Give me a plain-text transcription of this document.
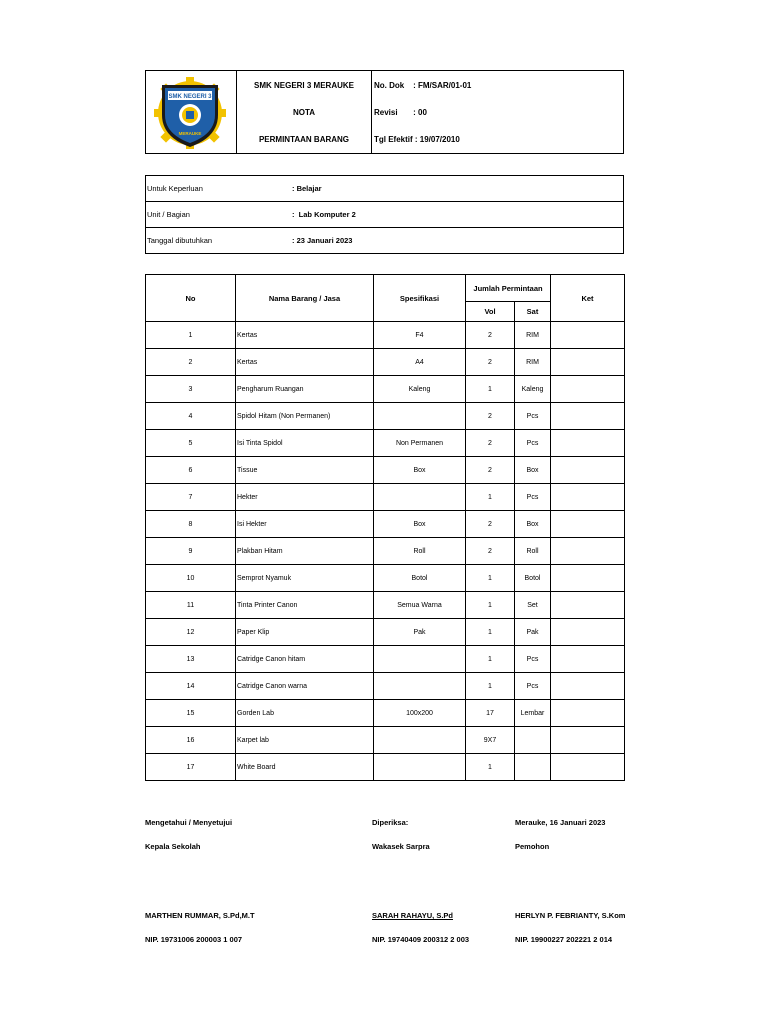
SMK NEGERI 3
MERAUKE

SMK NEGERI 3 MERAUKE
NOTA
PERMINTAAN BARANG

No. Dok    : FM/SAR/01-01
Revisi       : 00
Tgl Efektif : 19/07/2010
Untuk Keperluan	: Belajar
Unit / Bagian	:  Lab Komputer 2
Tanggal dibutuhkan	: 23 Januari 2023
No	Nama Barang / Jasa	Spesifikasi	Jumlah Permintaan		Ket
			Vol	Sat	
1	Kertas	F4	2	RIM	
2	Kertas	A4	2	RIM	
3	Pengharum Ruangan	Kaleng	1	Kaleng	
4	Spidol Hitam (Non Permanen)		2	Pcs	
5	Isi Tinta Spidol	Non Permanen	2	Pcs	
6	Tissue	Box	2	Box	
7	Hekter		1	Pcs	
8	Isi Hekter	Box	2	Box	
9	Plakban Hitam	Roll	2	Roll	
10	Semprot Nyamuk	Botol	1	Botol	
11	Tinta Printer Canon	Semua Warna	1	Set	
12	Paper Klip	Pak	1	Pak	
13	Catridge Canon hitam		1	Pcs	
14	Catridge Canon warna		1	Pcs	
15	Gorden Lab	100x200	17	Lembar	
16	Karpet lab		9X7		
17	White Board		1		
Mengetahui / Menyetujui
Kepala Sekolah
MARTHEN RUMMAR, S.Pd,M.T
NIP. 19731006 200003 1 007
Diperiksa:
Wakasek Sarpra
SARAH RAHAYU, S.Pd
NIP. 19740409 200312 2 003
Merauke, 16 Januari 2023
Pemohon
HERLYN P. FEBRIANTY, S.Kom
NIP. 19900227 202221 2 014
